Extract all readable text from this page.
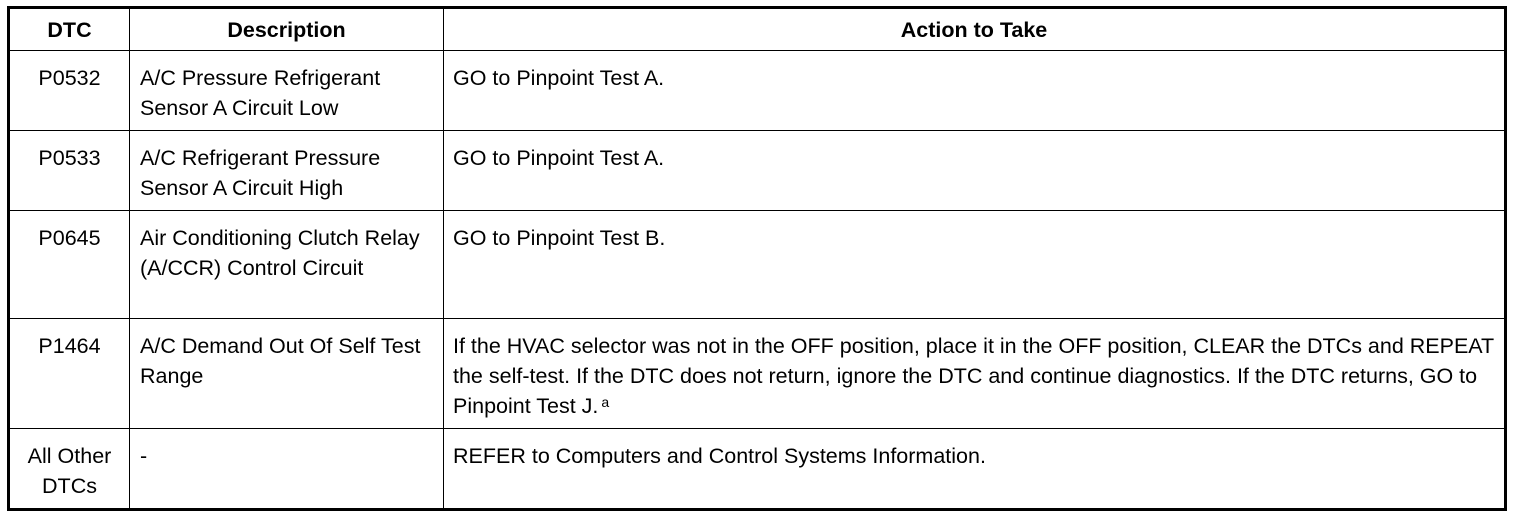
DTC	Description	Action to Take
P0532	A/C Pressure Refrigerant Sensor A Circuit Low	GO to Pinpoint Test A.
P0533	A/C Refrigerant Pressure Sensor A Circuit High	GO to Pinpoint Test A.
P0645	Air Conditioning Clutch Relay (A/CCR) Control Circuit	GO to Pinpoint Test B.
P1464	A/C Demand Out Of Self Test Range	If the HVAC selector was not in the OFF position, place it in the OFF position, CLEAR the DTCs and REPEAT the self-test. If the DTC does not return, ignore the DTC and continue diagnostics. If the DTC returns, GO to Pinpoint Test J. $^a$
All Other DTCs	-	REFER to Computers and Control Systems Information.
